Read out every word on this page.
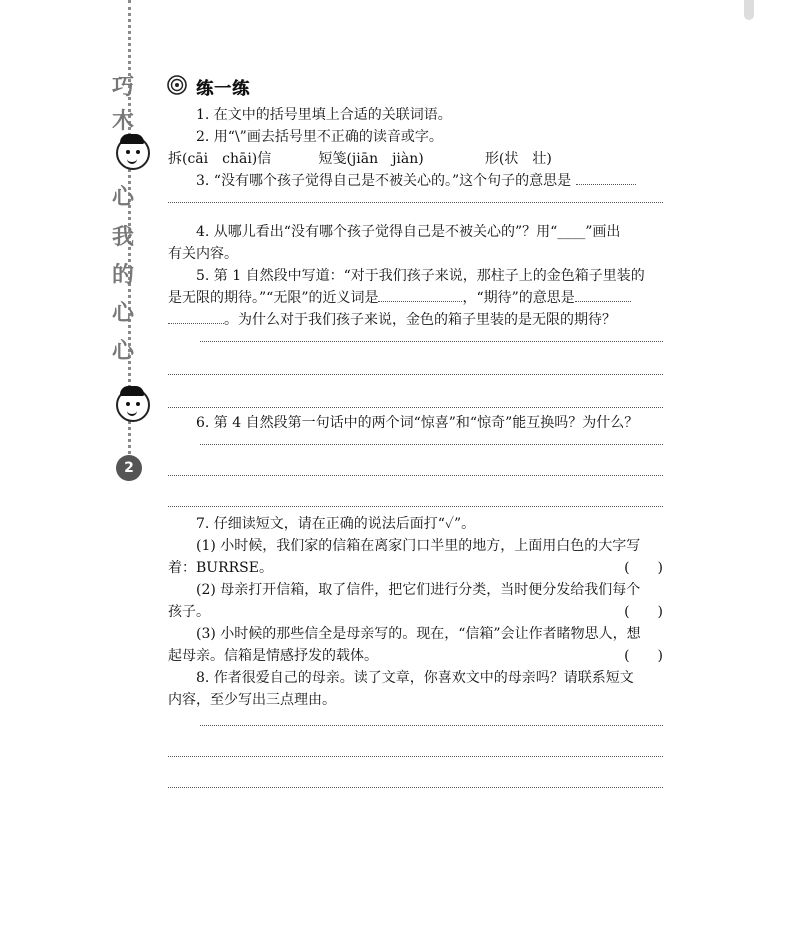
巧
木
心
我
的
心
心
2
练一练
1. 在文中的括号里填上合适的关联词语。
2. 用“\”画去括号里不正确的读音或字。
拆(cāi　chāi)信	短笺(jiān　jiàn)	形(状　壮)
3. “没有哪个孩子觉得自己是不被关心的。”这个句子的意思是
4. 从哪儿看出“没有哪个孩子觉得自己是不被关心的”？用“____”画出
有关内容。
5. 第 1 自然段中写道：“对于我们孩子来说，那柱子上的金色箱子里装的
是无限的期待。”“无限”的近义词是	，“期待”的意思是
。为什么对于我们孩子来说，金色的箱子里装的是无限的期待？
6. 第 4 自然段第一句话中的两个词“惊喜”和“惊奇”能互换吗？为什么？
7. 仔细读短文，请在正确的说法后面打“✓”。
(1) 小时候，我们家的信箱在离家门口半里的地方，上面用白色的大字写
着：BURRSE。	(　　)
(2) 母亲打开信箱，取了信件，把它们进行分类，当时便分发给我们每个
孩子。	(　　)
(3) 小时候的那些信全是母亲写的。现在，“信箱”会让作者睹物思人，想
起母亲。信箱是情感抒发的载体。	(　　)
8. 作者很爱自己的母亲。读了文章，你喜欢文中的母亲吗？请联系短文
内容，至少写出三点理由。
